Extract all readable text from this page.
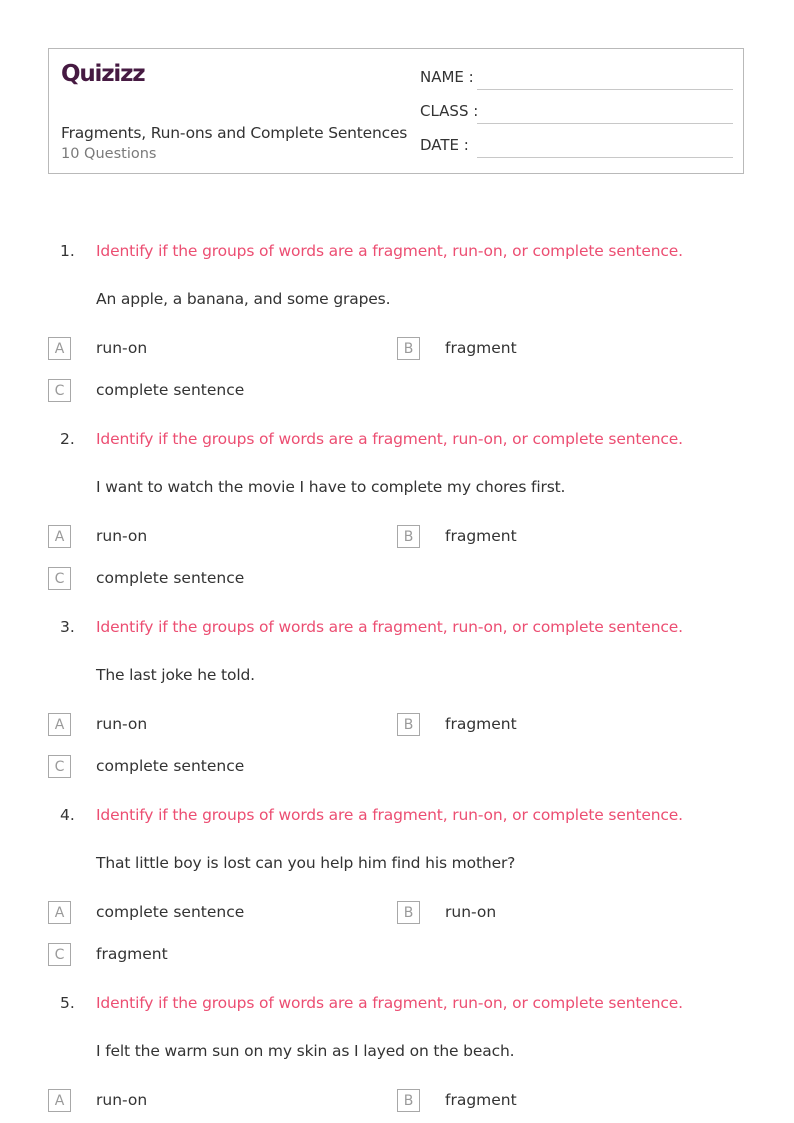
Quizizz
Fragments, Run-ons and Complete Sentences
10 Questions
NAME :
CLASS :
DATE :
1.	Identify if the groups of words are a fragment, run-on, or complete sentence.
An apple, a banana, and some grapes.
A	run-on	B	fragment
C	complete sentence
2.	Identify if the groups of words are a fragment, run-on, or complete sentence.
I want to watch the movie I have to complete my chores first.
A	run-on	B	fragment
C	complete sentence
3.	Identify if the groups of words are a fragment, run-on, or complete sentence.
The last joke he told.
A	run-on	B	fragment
C	complete sentence
4.	Identify if the groups of words are a fragment, run-on, or complete sentence.
That little boy is lost can you help him find his mother?
A	complete sentence	B	run-on
C	fragment
5.	Identify if the groups of words are a fragment, run-on, or complete sentence.
I felt the warm sun on my skin as I layed on the beach.
A	run-on	B	fragment
